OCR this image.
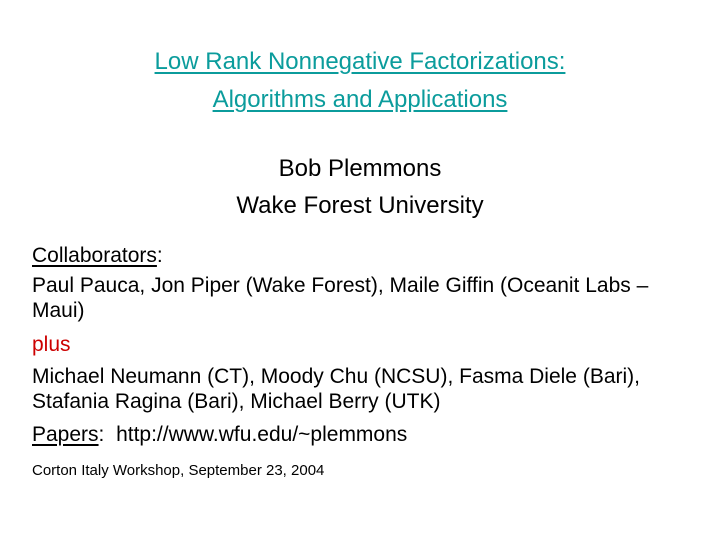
Low Rank Nonnegative Factorizations:
Algorithms and Applications
Bob Plemmons
Wake Forest University
Collaborators:
Paul Pauca, Jon Piper (Wake Forest), Maile Giffin (Oceanit Labs – Maui)
plus
Michael Neumann (CT), Moody Chu (NCSU), Fasma Diele (Bari), Stafania Ragina (Bari), Michael Berry (UTK)
Papers: http://www.wfu.edu/~plemmons
Corton Italy Workshop, September 23, 2004
